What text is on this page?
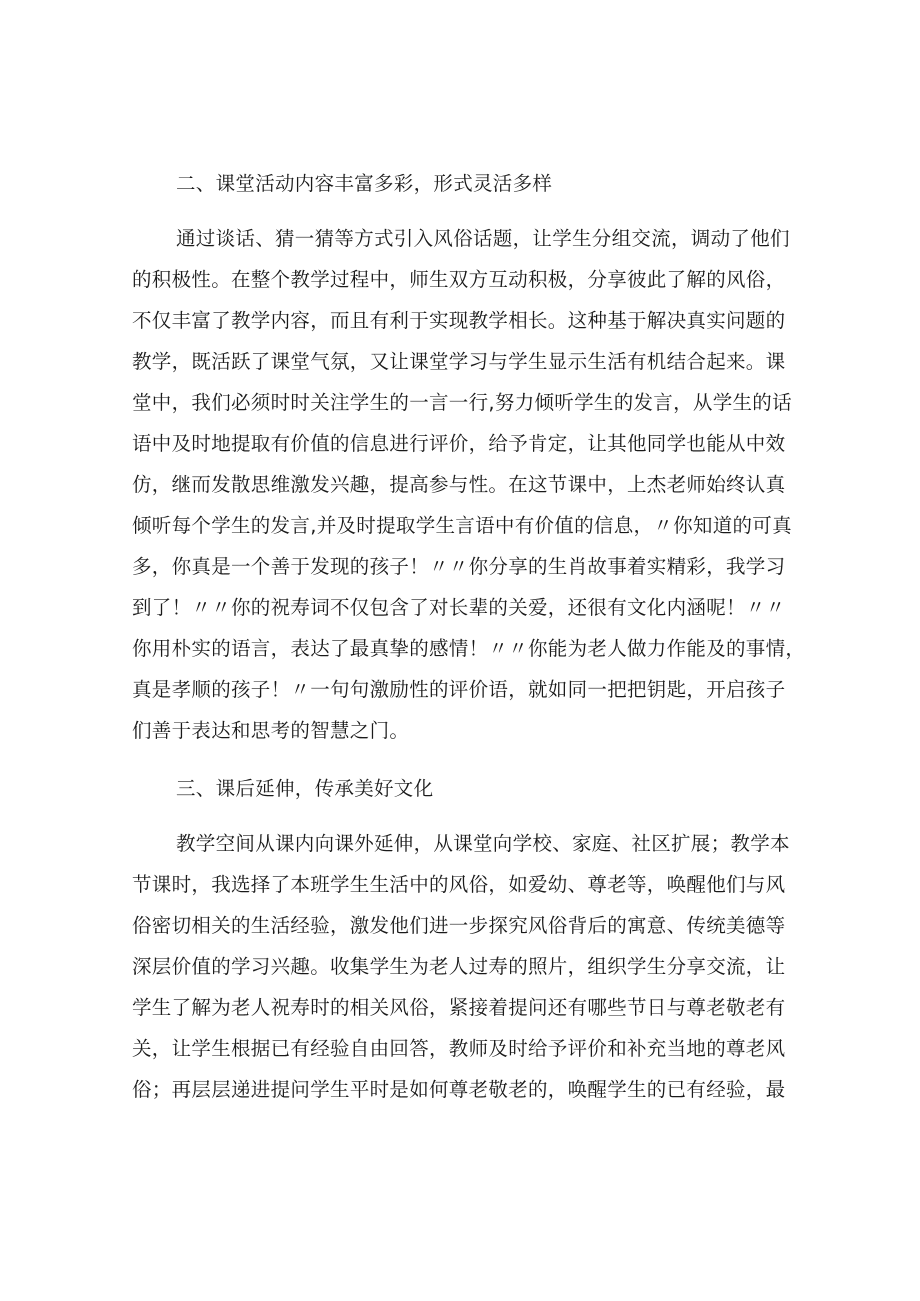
二、课堂活动内容丰富多彩，形式灵活多样

通过谈话、猜一猜等方式引入风俗话题，让学生分组交流，调动了他们

的积极性。在整个教学过程中，师生双方互动积极，分享彼此了解的风俗，

不仅丰富了教学内容，而且有利于实现教学相长。这种基于解决真实问题的

教学，既活跃了课堂气氛，又让课堂学习与学生显示生活有机结合起来。课

堂中，我们必须时时关注学生的一言一行,努力倾听学生的发言，从学生的话

语中及时地提取有价值的信息进行评价，给予肯定，让其他同学也能从中效

仿，继而发散思维激发兴趣，提高参与性。在这节课中，上杰老师始终认真

倾听每个学生的发言,并及时提取学生言语中有价值的信息，〃你知道的可真

多，你真是一个善于发现的孩子！〃〃你分享的生肖故事着实精彩，我学习

到了！〃〃你的祝寿词不仅包含了对长辈的关爱，还很有文化内涵呢！〃〃

你用朴实的语言，表达了最真挚的感情！〃〃你能为老人做力作能及的事情，

真是孝顺的孩子！〃一句句激励性的评价语，就如同一把把钥匙，开启孩子

们善于表达和思考的智慧之门。

三、课后延伸，传承美好文化

教学空间从课内向课外延伸，从课堂向学校、家庭、社区扩展；教学本

节课时，我选择了本班学生生活中的风俗，如爱幼、尊老等，唤醒他们与风

俗密切相关的生活经验，激发他们进一步探究风俗背后的寓意、传统美德等

深层价值的学习兴趣。收集学生为老人过寿的照片，组织学生分享交流，让

学生了解为老人祝寿时的相关风俗，紧接着提问还有哪些节日与尊老敬老有

关，让学生根据已有经验自由回答，教师及时给予评价和补充当地的尊老风

俗；再层层递进提问学生平时是如何尊老敬老的，唤醒学生的已有经验，最
